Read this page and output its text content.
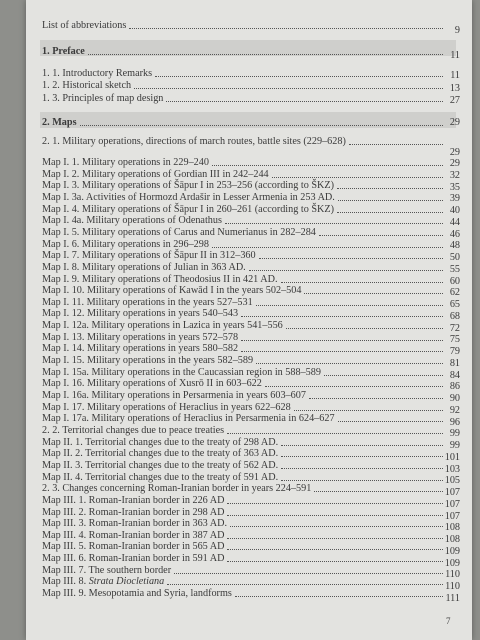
List of abbreviations	9
1. Preface	11
1. 1. Introductory Remarks	11
1. 2. Historical sketch	13
1. 3. Principles of map design	27
2. Maps	29
2. 1. Military operations, directions of march routes, battle sites (229–628)
29
Map I. 1. Military operations in 229–240	29
Map I. 2. Military operations of Gordian III in 242–244	32
Map I. 3. Military operations of Šāpur I in 253–256 (according to ŠKZ)	35
Map I. 3a. Activities of Hormozd Ardašir in Lesser Armenia in 253 AD.	39
Map I. 4. Military operations of Šāpur I in 260–261 (according to ŠKZ)	40
Map I. 4a. Military operations of Odenathus	44
Map I. 5. Military operations of Carus and Numerianus in 282–284	46
Map I. 6. Military operations in 296–298	48
Map I. 7. Military operations of Šāpur II in 312–360	50
Map I. 8. Military operations of Julian in 363 AD.	55
Map I. 9. Military operations of Theodosius II in 421 AD.	60
Map I. 10. Military operations of Kawād I in the years 502–504	62
Map I. 11. Military operations in the years 527–531	65
Map I. 12. Military operations in years 540–543	68
Map I. 12a. Military operations in Lazica in years 541–556	72
Map I. 13. Military operations in years 572–578	75
Map I. 14. Military operations in years 580–582	79
Map I. 15. Military operations in the years 582–589	81
Map I. 15a. Military operations in the Caucassian region in 588–589	84
Map I. 16. Military operations of Xusrō II in 603–622	86
Map I. 16a. Military operations in Persarmenia in years 603–607	90
Map I. 17. Military operations of Heraclius in years 622–628	92
Map I. 17a. Military operations of Heraclius in Persarmenia in 624–627	96
2. 2. Territorial changes due to peace treaties	99
Map II. 1. Territorial changes due to the treaty of 298 AD.	99
Map II. 2. Territorial changes due to the treaty of 363 AD.	101
Map II. 3. Territorial changes due to the treaty of 562 AD.	103
Map II. 4. Territorial changes due to the treaty of 591 AD.	105
2. 3. Changes concerning Roman-Iranian border in years 224–591	107
Map III. 1. Roman-Iranian border in 226 AD	107
Map III. 2. Roman-Iranian border in 298 AD	107
Map III. 3. Roman-Iranian border in 363 AD.	108
Map III. 4. Roman-Iranian border in 387 AD	108
Map III. 5. Roman-Iranian border in 565 AD	109
Map III. 6. Roman-Iranian border in 591 AD	109
Map III. 7. The southern border	110
Map III. 8. Strata Diocletiana	110
Map III. 9. Mesopotamia and Syria, landforms	111
7
